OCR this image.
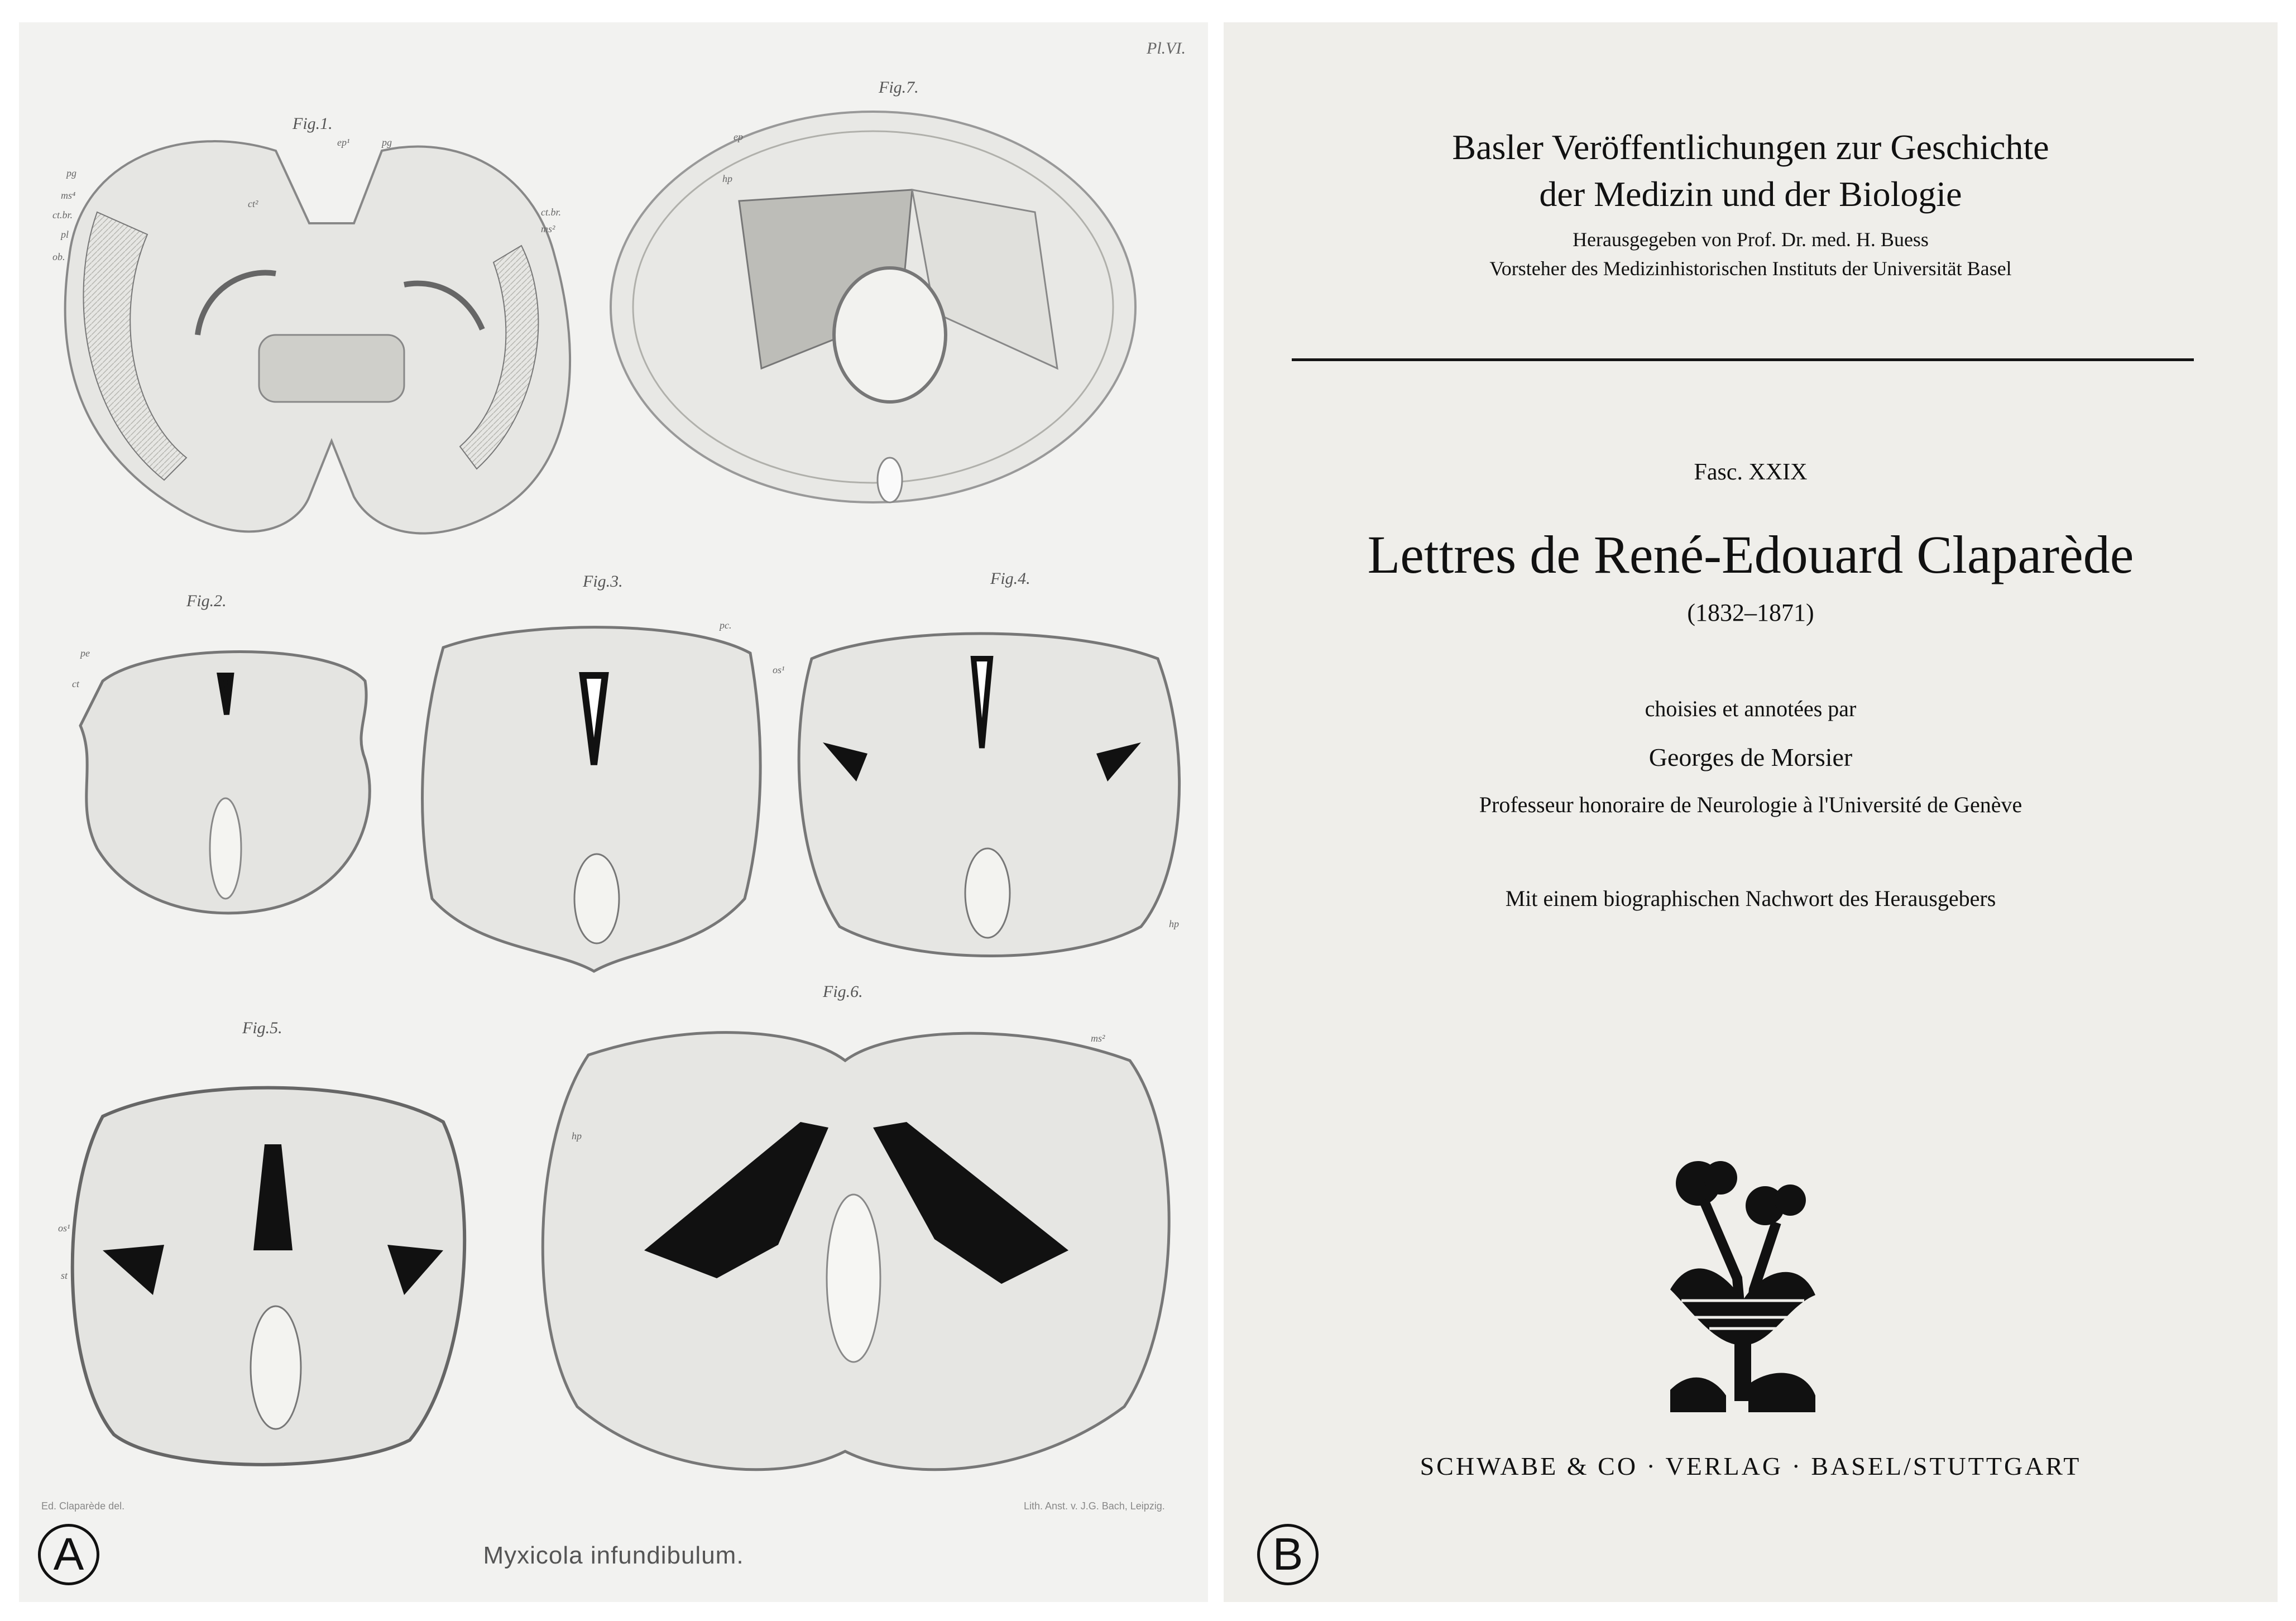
Pl.VI.
Fig.1.
Fig.2.
Fig.3.	Fig.4.
Fig.5.
Fig.6.
Fig.7.
ct²
ep¹	pg
pg
ms⁴
ct.br.
pl
ob.
ct.br.
ms²
ep
hp
pe
ct
pc.
os¹
hp
os¹
st
ms²
hp
Ed. Claparède del.	Lith. Anst. v. J.G. Bach, Leipzig.
Myxicola infundibulum.
A
Basler Veröffentlichungen zur Geschichte
der Medizin und der Biologie
Herausgegeben von Prof. Dr. med. H. Buess
Vorsteher des Medizinhistorischen Instituts der Universität Basel
Fasc. XXIX
Lettres de René-Edouard Claparède
(1832–1871)
choisies et annotées par
Georges de Morsier
Professeur honoraire de Neurologie à l'Université de Genève
Mit einem biographischen Nachwort des Herausgebers
SCHWABE & CO · VERLAG · BASEL/STUTTGART
B
